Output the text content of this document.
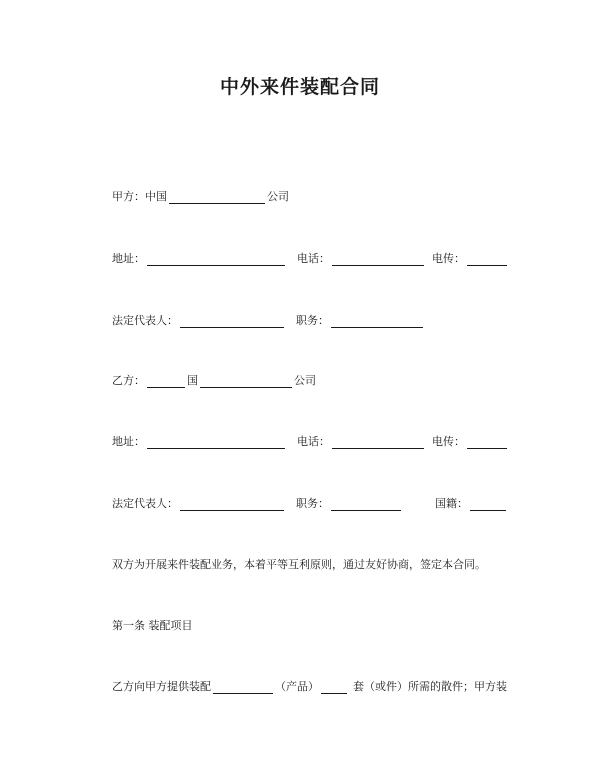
中外来件装配合同
甲方：中国	公司
地址：	电话：	电传：
法定代表人：	职务：
乙方：	国	公司
地址：	电话：	电传：
法定代表人：	职务：	国籍：
双方为开展来件装配业务，本着平等互利原则，通过友好协商，签定本合同。
第一条 装配项目
乙方向甲方提供装配	（产品）	套（或件）所需的散件；甲方装
